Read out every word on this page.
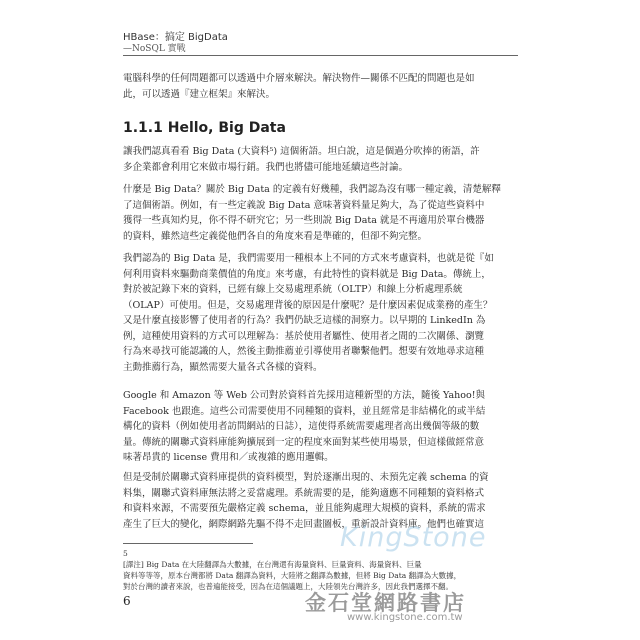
HBase：搞定 BigData
—NoSQL 實戰

電腦科學的任何問題都可以透過中介層來解決。解決物件—關係不匹配的問題也是如
此，可以透過『建立框架』來解決。

1.1.1 Hello, Big Data

讓我們認真看看 Big Data (大資料⁵) 這個術語。坦白說，這是個過分吹捧的術語，許
多企業都會利用它來做市場行銷。我們也將儘可能地延續這些討論。

什麼是 Big Data？關於 Big Data 的定義有好幾種，我們認為沒有哪一種定義，清楚解釋
了這個術語。例如，有一些定義說 Big Data 意味著資料量足夠大，為了從這些資料中
獲得一些真知灼見，你不得不研究它；另一些則說 Big Data 就是不再適用於單台機器
的資料，雖然這些定義從他們各自的角度來看是準確的，但卻不夠完整。

我們認為的 Big Data 是，我們需要用一種根本上不同的方式來考慮資料，也就是從『如
何利用資料來驅動商業價值的角度』來考慮，有此特性的資料就是 Big Data。傳統上，
對於被記錄下來的資料，已經有線上交易處理系統（OLTP）和線上分析處理系統
（OLAP）可使用。但是，交易處理背後的原因是什麼呢？是什麼因素促成業務的產生？
又是什麼直接影響了使用者的行為？我們仍缺乏這樣的洞察力。以早期的 LinkedIn 為
例，這種使用資料的方式可以理解為：基於使用者屬性、使用者之間的二次關係、瀏覽
行為來尋找可能認識的人，然後主動推薦並引導使用者聯繫他們。想要有效地尋求這種
主動推薦行為，顯然需要大量各式各樣的資料。

Google 和 Amazon 等 Web 公司對於資料首先採用這種新型的方法，隨後 Yahoo!與
Facebook 也跟進。這些公司需要使用不同種類的資料，並且經常是非結構化的或半結
構化的資料（例如使用者訪問網站的日誌），這使得系統需要處理者高出幾個等級的數
量。傳統的關聯式資料庫能夠擴展到一定的程度來面對某些使用場景，但這樣做經常意
味著昂貴的 license 費用和／或複雜的應用邏輯。

但是受制於關聯式資料庫提供的資料模型，對於逐漸出現的、未預先定義 schema 的資
料集，關聯式資料庫無法將之妥當處理。系統需要的是，能夠適應不同種類的資料格式
和資料來源，不需要預先嚴格定義 schema，並且能夠處理大規模的資料，系統的需求
產生了巨大的變化，網際網路先驅不得不走回畫圖板，重新設計資料庫。他們也確實這

KingStone
5
[譯注] Big Data 在大陸翻譯為大數據，在台灣還有海量資料、巨量資料、海量資料、巨量
資料等等等，原本台灣都將 Data 翻譯為資料，大陸將之翻譯為數據，但將 Big Data 翻譯為大數據，
對於台灣的讀者來說，也普遍能接受，因為在這個議題上，大陸領先台灣許多，因此我們選擇不翻。
6	金石堂網路書店
www.kingstone.com.tw
